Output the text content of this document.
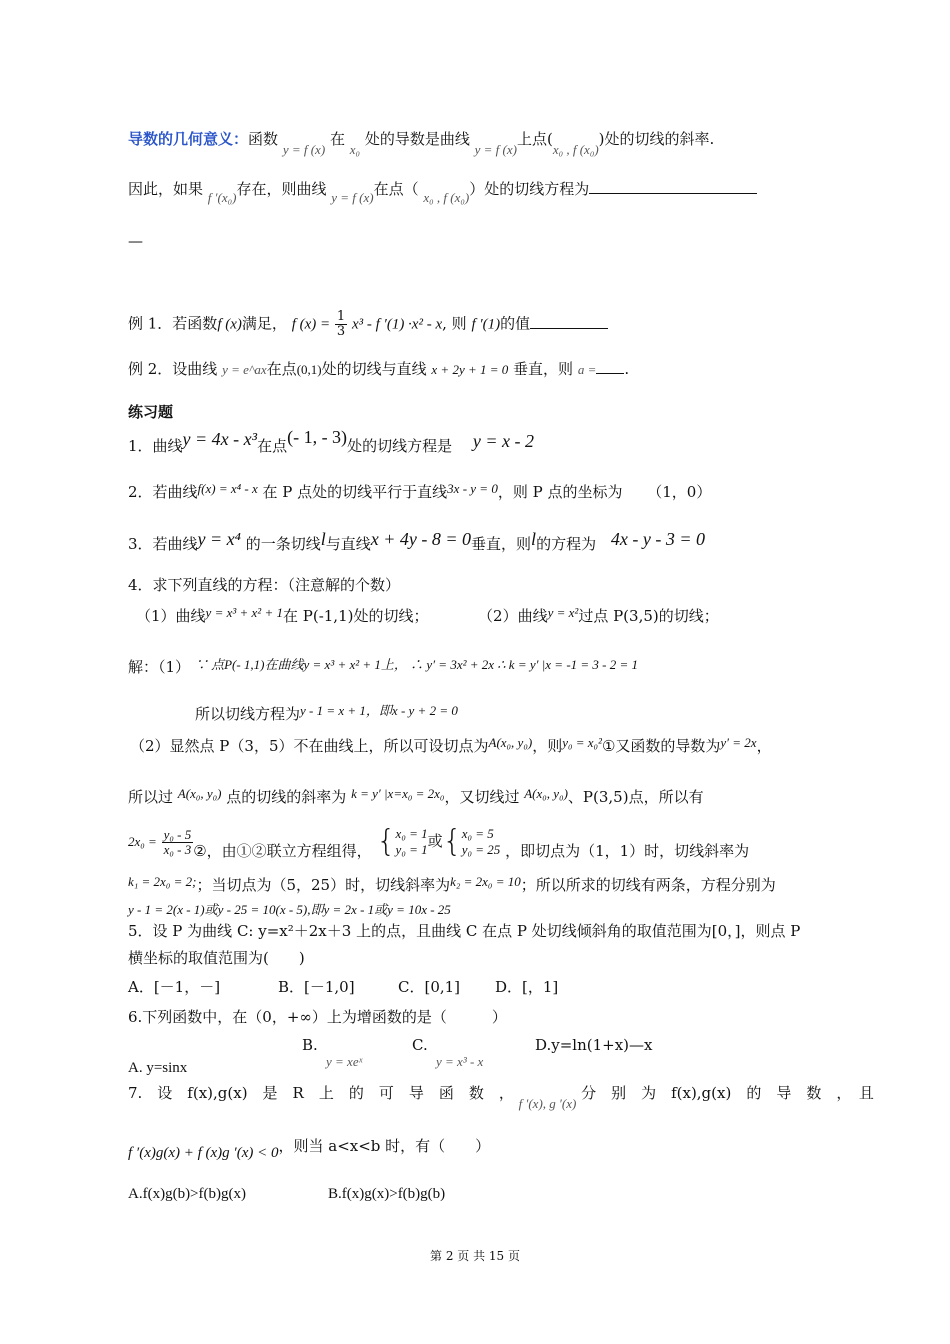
导数的几何意义：函数 y = f (x) 在 x₀ 处的导数是曲线 y = f (x)上点(x₀ , f (x₀))处的切线的斜率.
因此，如果 f ′(x₀)存在，则曲线 y = f (x)在点（ x₀ , f (x₀)）处的切线方程为
—
例 1．若函数f (x)满足， f $(x) = \frac{1}{3} x^3 - f$ ′(1) ·x² - x, 则 f ′(1)的值
例 2．设曲线 y = e^ax在点(0,1)处的切线与直线 x + 2y + 1 = 0 垂直，则 a = .
练习题
1．曲线y = 4x - x³在点(- 1, - 3)处的切线方程是 y = x - 2
2．若曲线f(x) = x⁴ - x 在 P 点处的切线平行于直线3x - y = 0，则 P 点的坐标为 （1，0）
3．若曲线y = x⁴ 的一条切线l与直线x + 4y - 8 = 0垂直，则l的方程为 4x - y - 3 = 0
4．求下列直线的方程：（注意解的个数）
（1）曲线y = x³ + x² + 1在 P(-1,1)处的切线；	（2）曲线y = x²过点 P(3,5)的切线；
解：（1） ∵ 点P(- 1,1)在曲线y = x³ + x² + 1上， ∴ y′ = 3x² + 2x ∴ k = y′ |x = -1 = 3 - 2 = 1
所以切线方程为y - 1 = x + 1，即x - y + 2 = 0
（2）显然点 P（3，5）不在曲线上，所以可设切点为A(x₀, y₀)，则y₀ = x₀²①又函数的导数为y′ = 2x，
所以过 A(x₀, y₀) 点的切线的斜率为 k = y′ |x=x₀ = 2x₀，又切线过 A(x₀, y₀)、P(3,5)点，所以有
$2x_0 = \frac{\text{y₀ - 5}}{\text{x₀ - 3}}$ ②，由①②联立方程组得， { x₀ = 1
y₀ = 1 或{ x₀ = 5
y₀ = 25 ，即切点为（1，1）时，切线斜率为
k₁ = 2x₀ = 2;；当切点为（5，25）时，切线斜率为k₂ = 2x₀ = 10；所以所求的切线有两条，方程分别为
y - 1 = 2(x - 1)或y - 25 = 10(x - 5),即y = 2x - 1或y = 10x - 25
5．设 P 为曲线 C: y=x²＋2x＋3 上的点，且曲线 C 在点 P 处切线倾斜角的取值范围为[0，]，则点 P
横坐标的取值范围为(　　)
A．[－1，－]	B．[－1,0]	C．[0,1] D．[，1]
6.下列函数中，在（0，+∞）上为增函数的是（　　　）
A. y=sinxB.
y = xeˣC.
y = x³ - xD.y=ln(1+x)—x
7.　设　f(x),g(x)　是　R　上　的　可　导　函　数　， f ′(x), g ′(x) 分　别　为　f(x),g(x)　的　导　数　，　且
f ′(x)g(x) + f (x)g ′(x) < 0，则当 a<x<b 时，有（　　）
A.f(x)g(b)>f(b)g(x)	B.f(x)g(x)>f(b)g(b)
第 2 页 共 15 页
